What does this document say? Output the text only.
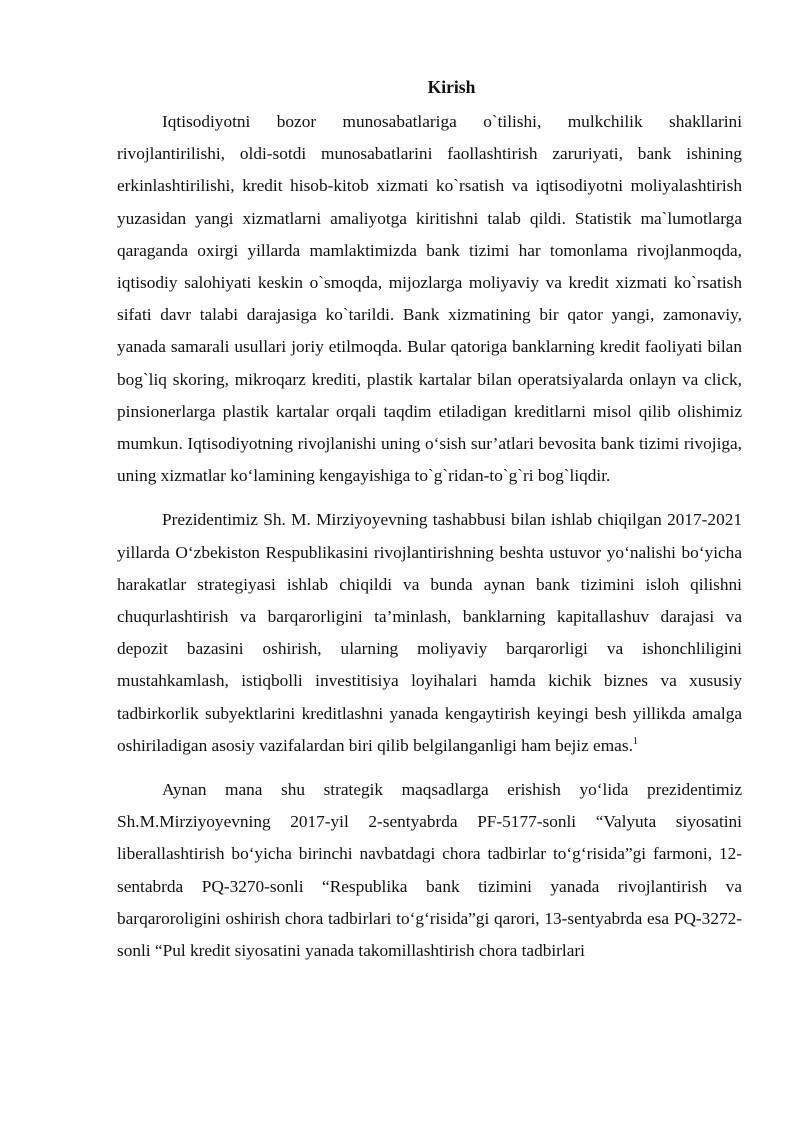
Kirish

Iqtisodiyotni bozor munosabatlariga o`tilishi, mulkchilik shakllarini rivojlantirilishi, oldi-sotdi munosabatlarini faollashtirish zaruriyati, bank ishining erkinlashtirilishi, kredit hisob-kitob xizmati ko`rsatish va iqtisodiyotni moliyalashtirish yuzasidan yangi xizmatlarni amaliyotga kiritishni talab qildi. Statistik ma`lumotlarga qaraganda oxirgi yillarda mamlaktimizda bank tizimi har tomonlama rivojlanmoqda, iqtisodiy salohiyati keskin o`smoqda, mijozlarga moliyaviy va kredit xizmati ko`rsatish sifati davr talabi darajasiga ko`tarildi. Bank xizmatining bir qator yangi, zamonaviy, yanada samarali usullari joriy etilmoqda. Bular qatoriga banklarning kredit faoliyati bilan bog`liq skoring, mikroqarz krediti, plastik kartalar bilan operatsiyalarda onlayn va click, pinsionerlarga plastik kartalar orqali taqdim etiladigan kreditlarni misol qilib olishimiz mumkun. Iqtisodiyotning rivojlanishi uning o‘sish sur’atlari bevosita bank tizimi rivojiga, uning xizmatlar ko‘lamining kengayishiga to`g`ridan-to`g`ri bog`liqdir.

Prezidentimiz Sh. M. Mirziyoyevning tashabbusi bilan ishlab chiqilgan 2017-2021 yillarda O‘zbekiston Respublikasini rivojlantirishning beshta ustuvor yo‘nalishi bo‘yicha harakatlar strategiyasi ishlab chiqildi va bunda aynan bank tizimini isloh qilishni chuqurlashtirish va barqarorligini ta’minlash, banklarning kapitallashuv darajasi va depozit bazasini oshirish, ularning moliyaviy barqarorligi va ishonchliligini mustahkamlash, istiqbolli investitisiya loyihalari hamda kichik biznes va xususiy tadbirkorlik subyektlarini kreditlashni yanada kengaytirish keyingi besh yillikda amalga oshiriladigan asosiy vazifalardan biri qilib belgilanganligi ham bejiz emas.$^1$

Aynan mana shu strategik maqsadlarga erishish yo‘lida prezidentimiz Sh.M.Mirziyoyevning 2017-yil 2-sentyabrda PF-5177-sonli “Valyuta siyosatini liberallashtirish bo‘yicha birinchi navbatdagi chora tadbirlar to‘g‘risida”gi farmoni, 12-sentabrda PQ-3270-sonli “Respublika bank tizimini yanada rivojlantirish va barqaroroligini oshirish chora tadbirlari to‘g‘risida”gi qarori, 13-sentyabrda esa PQ-3272-sonli “Pul kredit siyosatini yanada takomillashtirish chora tadbirlari
